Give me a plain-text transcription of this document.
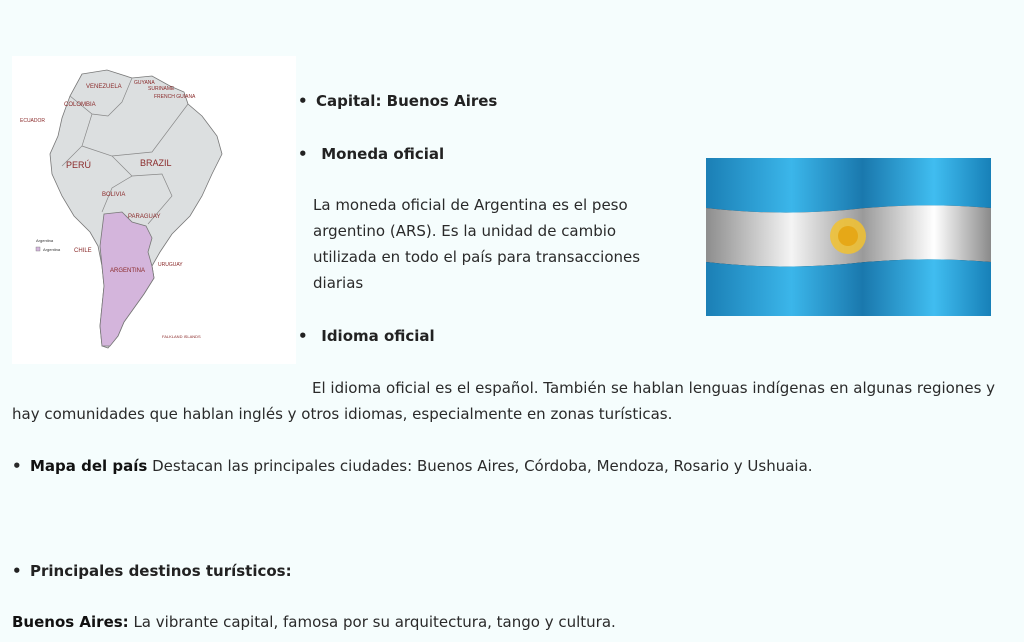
VENEZUELA
GUYANA
SURINAME
FRENCH GUIANA
COLOMBIA
ECUADOR
PERÚ	BRAZIL
BOLIVIA
PARAGUAY
CHILE
ARGENTINA
URUGUAY
FALKLAND ISLANDS
Argentina
Argentina
• Capital: Buenos Aires
• Moneda oficial
La moneda oficial de Argentina es el peso argentino (ARS). Es la unidad de cambio utilizada en todo el país para transacciones diarias
• Idioma oficial
El idioma oficial es el español. También se hablan lenguas indígenas en algunas regiones y hay comunidades que hablan inglés y otros idiomas, especialmente en zonas turísticas.
• Mapa del país Destacan las principales ciudades: Buenos Aires, Córdoba, Mendoza, Rosario y Ushuaia.
• Principales destinos turísticos:
Buenos Aires: La vibrante capital, famosa por su arquitectura, tango y cultura.
